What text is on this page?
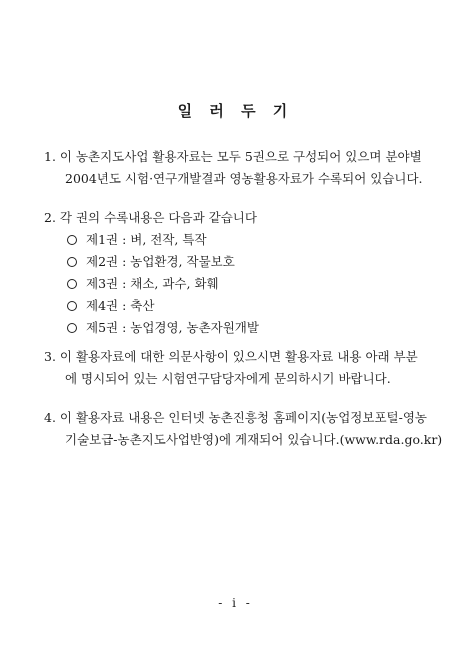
일 러 두 기
1. 이 농촌지도사업 활용자료는 모두 5권으로 구성되어 있으며 분야별
2004년도 시험·연구개발결과 영농활용자료가 수록되어 있습니다.
2. 각 권의 수록내용은 다음과 같습니다
제1권 : 벼, 전작, 특작
제2권 : 농업환경, 작물보호
제3권 : 채소, 과수, 화훼
제4권 : 축산
제5권 : 농업경영, 농촌자원개발
3. 이 활용자료에 대한 의문사항이 있으시면 활용자료 내용 아래 부분
에 명시되어 있는 시험연구담당자에게 문의하시기 바랍니다.
4. 이 활용자료 내용은 인터넷 농촌진흥청 홈페이지(농업정보포털-영농
기술보급-농촌지도사업반영)에 게재되어 있습니다.(www.rda.go.kr)
- i -
